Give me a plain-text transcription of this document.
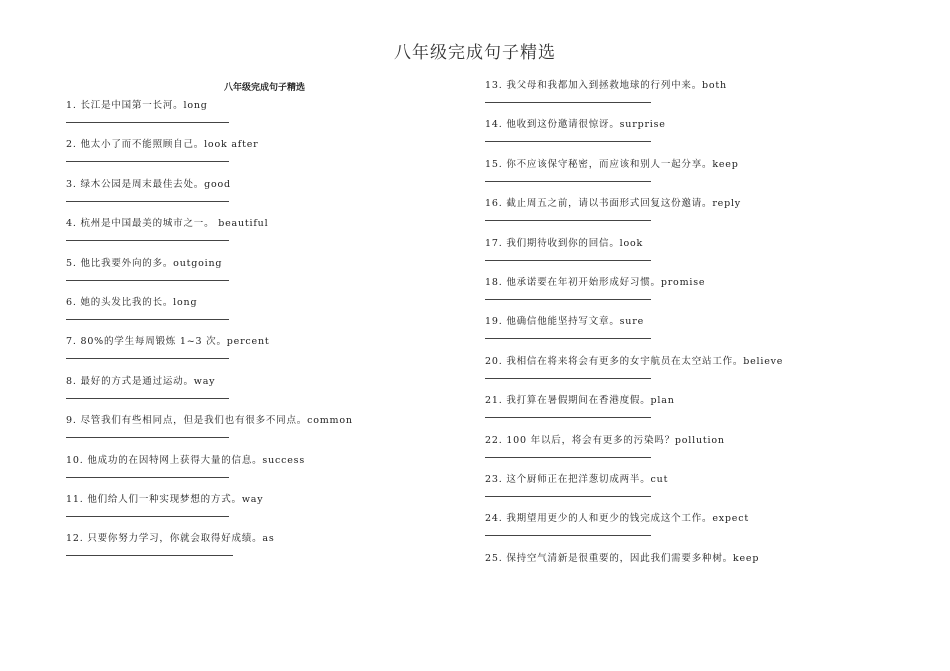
八年级完成句子精选
八年级完成句子精选
1. 长江是中国第一长河。long
2. 他太小了而不能照顾自己。look after
3. 绿木公园是周末最佳去处。good
4. 杭州是中国最美的城市之一。 beautiful
5. 他比我要外向的多。outgoing
6. 她的头发比我的长。long
7. 80%的学生每周锻炼 1~3 次。percent
8. 最好的方式是通过运动。way
9. 尽管我们有些相同点，但是我们也有很多不同点。common
10. 他成功的在因特网上获得大量的信息。success
11. 他们给人们一种实现梦想的方式。way
12. 只要你努力学习，你就会取得好成绩。as
13. 我父母和我都加入到拯救地球的行列中来。both
14. 他收到这份邀请很惊讶。surprise
15. 你不应该保守秘密，而应该和别人一起分享。keep
16. 截止周五之前，请以书面形式回复这份邀请。reply
17. 我们期待收到你的回信。look
18. 他承诺要在年初开始形成好习惯。promise
19. 他确信他能坚持写文章。sure
20. 我相信在将来将会有更多的女宇航员在太空站工作。believe
21. 我打算在暑假期间在香港度假。plan
22. 100 年以后，将会有更多的污染吗？pollution
23. 这个厨师正在把洋葱切成两半。cut
24. 我期望用更少的人和更少的钱完成这个工作。expect
25. 保持空气清新是很重要的，因此我们需要多种树。keep
